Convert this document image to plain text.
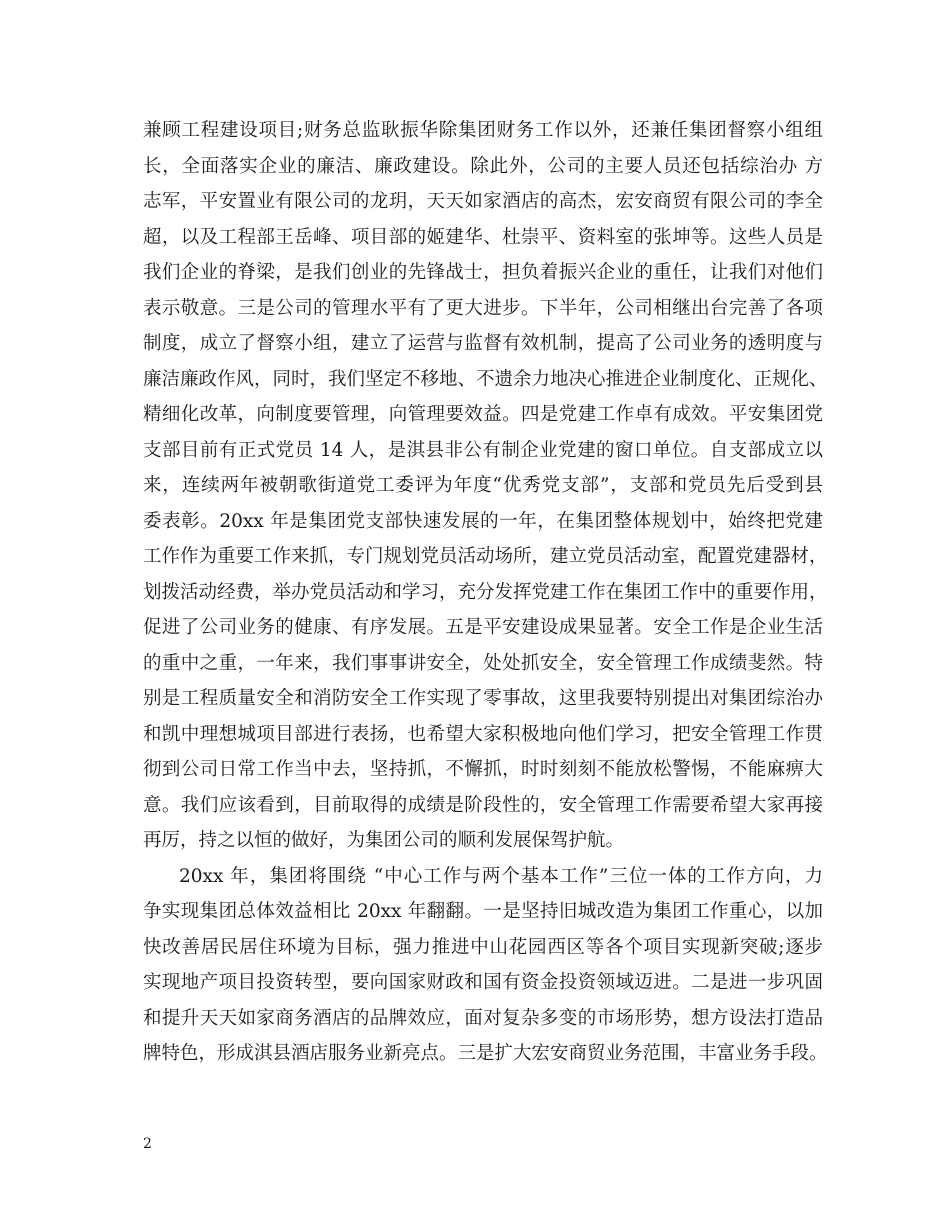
兼顾工程建设项目;财务总监耿振华除集团财务工作以外，还兼任集团督察小组组
长，全面落实企业的廉洁、廉政建设。除此外，公司的主要人员还包括综治办 方
志军，平安置业有限公司的龙玥，天天如家酒店的高杰，宏安商贸有限公司的李全
超，以及工程部王岳峰、项目部的姬建华、杜崇平、资料室的张坤等。这些人员是
我们企业的脊梁，是我们创业的先锋战士，担负着振兴企业的重任，让我们对他们
表示敬意。三是公司的管理水平有了更大进步。下半年，公司相继出台完善了各项
制度，成立了督察小组，建立了运营与监督有效机制，提高了公司业务的透明度与
廉洁廉政作风，同时，我们坚定不移地、不遗余力地决心推进企业制度化、正规化、
精细化改革，向制度要管理，向管理要效益。四是党建工作卓有成效。平安集团党
支部目前有正式党员 14 人，是淇县非公有制企业党建的窗口单位。自支部成立以
来，连续两年被朝歌街道党工委评为年度“优秀党支部”，支部和党员先后受到县
委表彰。20xx 年是集团党支部快速发展的一年，在集团整体规划中，始终把党建
工作作为重要工作来抓，专门规划党员活动场所，建立党员活动室，配置党建器材，
划拨活动经费，举办党员活动和学习，充分发挥党建工作在集团工作中的重要作用，
促进了公司业务的健康、有序发展。五是平安建设成果显著。安全工作是企业生活
的重中之重，一年来，我们事事讲安全，处处抓安全，安全管理工作成绩斐然。特
别是工程质量安全和消防安全工作实现了零事故，这里我要特别提出对集团综治办
和凯中理想城项目部进行表扬，也希望大家积极地向他们学习，把安全管理工作贯
彻到公司日常工作当中去，坚持抓，不懈抓，时时刻刻不能放松警惕，不能麻痹大
意。我们应该看到，目前取得的成绩是阶段性的，安全管理工作需要希望大家再接
再厉，持之以恒的做好，为集团公司的顺利发展保驾护航。
20xx 年，集团将围绕 “中心工作与两个基本工作”三位一体的工作方向，力
争实现集团总体效益相比 20xx 年翻翻。一是坚持旧城改造为集团工作重心，以加
快改善居民居住环境为目标，强力推进中山花园西区等各个项目实现新突破;逐步
实现地产项目投资转型，要向国家财政和国有资金投资领域迈进。二是进一步巩固
和提升天天如家商务酒店的品牌效应，面对复杂多变的市场形势，想方设法打造品
牌特色，形成淇县酒店服务业新亮点。三是扩大宏安商贸业务范围，丰富业务手段。
2
